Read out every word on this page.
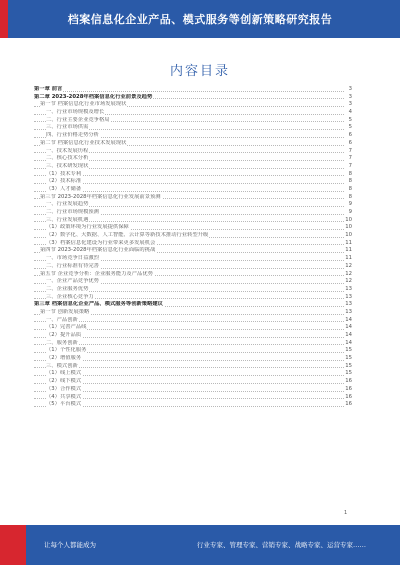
档案信息化企业产品、模式服务等创新策略研究报告
内容目录
第一章 前言	3
第二章 2023-2028年档案信息化行业前景及趋势	3
第一节 档案信息化行业市场发展现状	3
一、行业市场规模及增长	4
二、行业主要企业竞争格局	5
三、行业市场供需	5
四、行业价格走势分析	6
第二节 档案信息化行业技术发展现状	6
一、技术发展历程	7
二、核心技术分析	7
三、技术研发现状	7
（1）技术专利	8
（2）技术标准	8
（3）人才储备	8
第三节 2023-2028年档案信息化行业发展前景预测	8
一、行业发展趋势	9
二、行业市场规模预测	9
三、行业发展机遇	10
（1）政策环境为行业发展提供保障	10
（2）数字化、大数据、人工智能、云计算等新技术推动行业转型升级	10
（3）档案信息化建设为行业带来更多发展机会	11
第四节 2023-2028年档案信息化行业面临的挑战	11
一、市场竞争日益激烈	11
二、行业标准有待完善	12
第五节 企业竞争分析：企业服务能力及产品优势	12
一、企业产品竞争优势	12
二、企业服务优势	13
三、企业核心竞争力	13
第三章 档案信息化企业产品、模式服务等创新策略建议	13
第一节 创新发展策略	13
一、产品创新	14
（1）完善产品线	14
（2）提升品质	14
二、服务创新	14
（1）个性化服务	15
（2）增值服务	15
三、模式创新	15
（1）线上模式	15
（2）线下模式	16
（3）合作模式	16
（4）共享模式	16
（5）平台模式	16
1
让每个人都能成为	行业专家、管理专家、营销专家、战略专家、运营专家……
